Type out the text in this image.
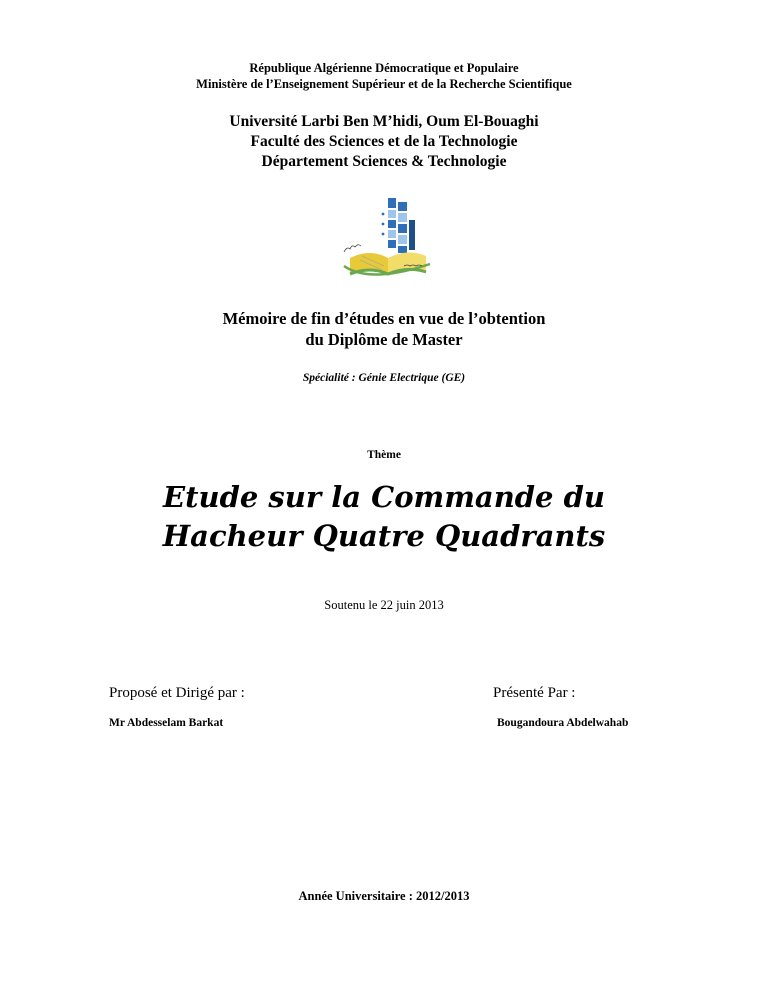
République Algérienne Démocratique et Populaire
Ministère de l’Enseignement Supérieur et de la Recherche Scientifique
Université Larbi Ben M’hidi, Oum El-Bouaghi
Faculté des Sciences et de la Technologie
Département Sciences & Technologie
Mémoire de fin d’études en vue de l’obtention
du Diplôme de Master
Spécialité : Génie Electrique (GE)
Thème
Etude sur la Commande du
Hacheur Quatre Quadrants
Soutenu le 22 juin 2013
Proposé et Dirigé par :	Présenté Par :
Mr Abdesselam Barkat	Bougandoura Abdelwahab
Année Universitaire : 2012/2013
